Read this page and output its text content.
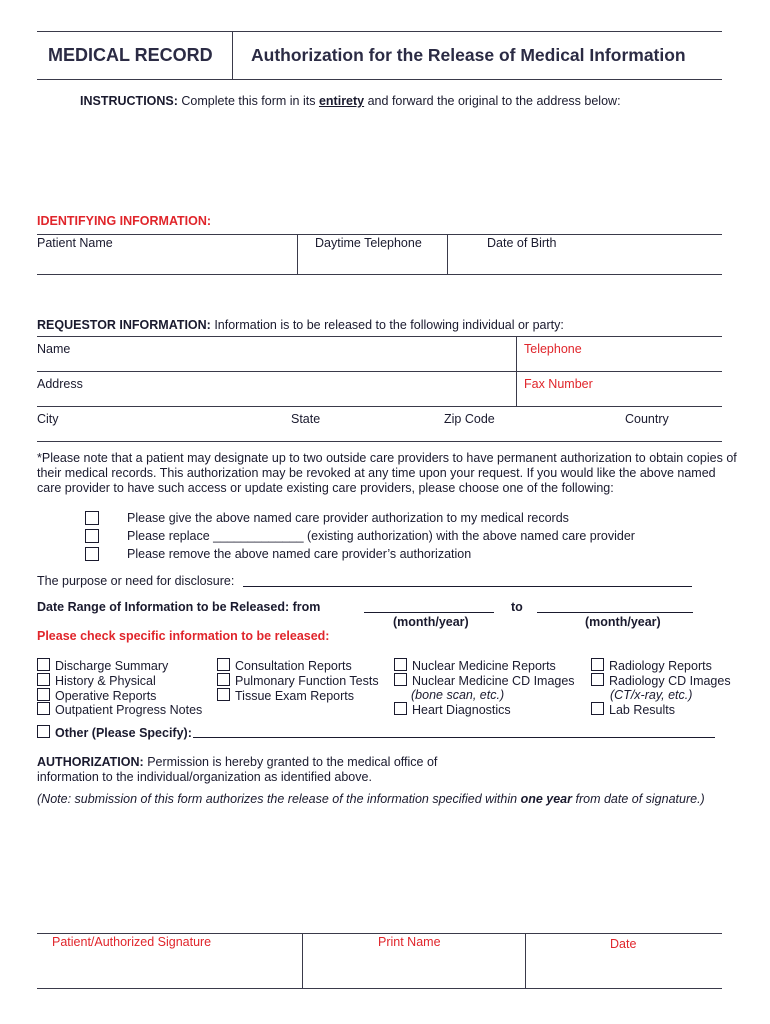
MEDICAL RECORD Authorization for the Release of Medical Information
INSTRUCTIONS: Complete this form in its entirety and forward the original to the address below:
IDENTIFYING INFORMATION:
Patient Name	Daytime Telephone	Date of Birth
REQUESTOR INFORMATION: Information is to be released to the following individual or party:
Name	Telephone
Address	Fax Number
City	State	Zip Code	Country
*Please note that a patient may designate up to two outside care providers to have permanent authorization to obtain copies of
their medical records. This authorization may be revoked at any time upon your request. If you would like the above named
care provider to have such access or update existing care providers, please choose one of the following:
Please give the above named care provider authorization to my medical records
Please replace _____________ (existing authorization) with the above named care provider
Please remove the above named care provider’s authorization
The purpose or need for disclosure:
Date Range of Information to be Released: from	to
(month/year)	(month/year)
Please check specific information to be released:
Discharge Summary
History & Physical
Operative Reports
Outpatient Progress Notes
Consultation Reports
Pulmonary Function Tests
Tissue Exam Reports
Nuclear Medicine Reports
Nuclear Medicine CD Images
(bone scan, etc.)
Heart Diagnostics
Radiology Reports
Radiology CD Images
(CT/x-ray, etc.)
Lab Results
Other (Please Specify):
AUTHORIZATION: Permission is hereby granted to the medical office of
information to the individual/organization as identified above.
(Note: submission of this form authorizes the release of the information specified within one year from date of signature.)
Patient/Authorized Signature	Print Name	Date
